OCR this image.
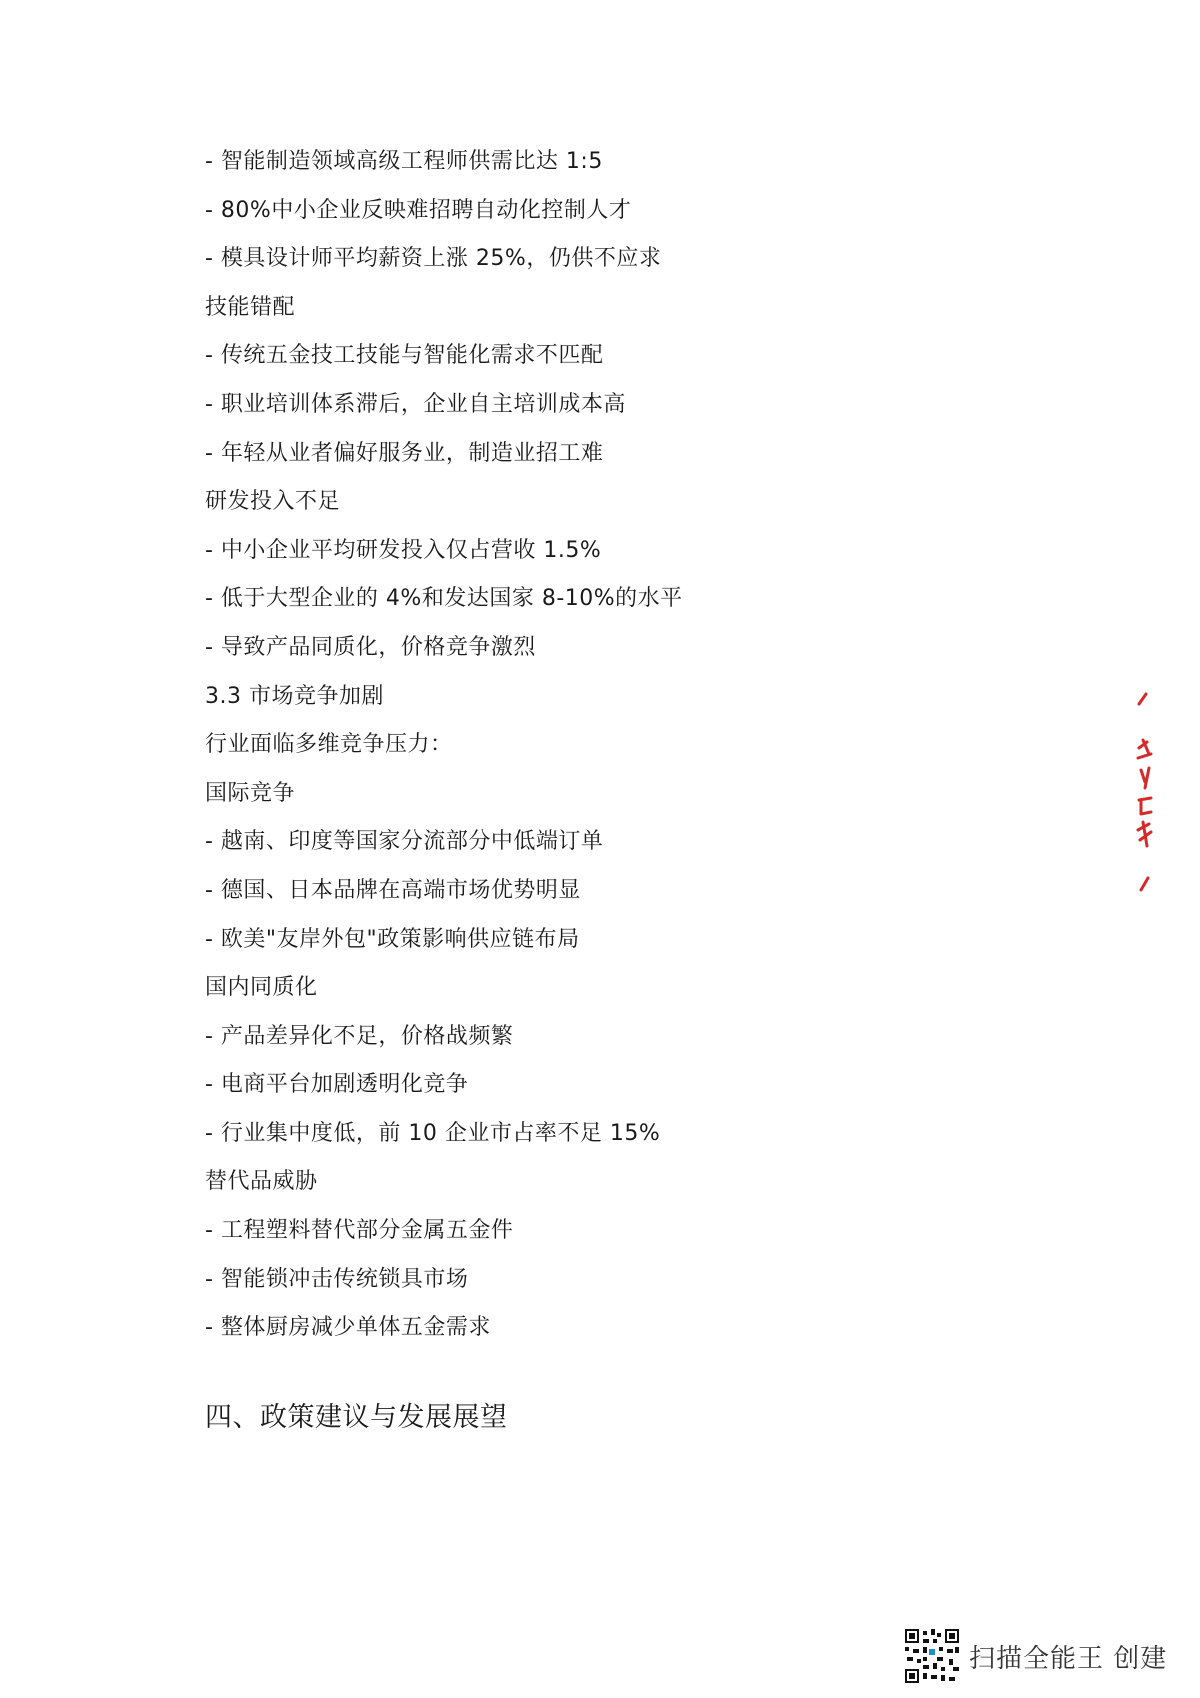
- 智能制造领域高级工程师供需比达 1:5
- 80%中小企业反映难招聘自动化控制人才
- 模具设计师平均薪资上涨 25%，仍供不应求
技能错配
- 传统五金技工技能与智能化需求不匹配
- 职业培训体系滞后，企业自主培训成本高
- 年轻从业者偏好服务业，制造业招工难
研发投入不足
- 中小企业平均研发投入仅占营收 1.5%
- 低于大型企业的 4%和发达国家 8-10%的水平
- 导致产品同质化，价格竞争激烈
3.3 市场竞争加剧
行业面临多维竞争压力：
国际竞争
- 越南、印度等国家分流部分中低端订单
- 德国、日本品牌在高端市场优势明显
- 欧美"友岸外包"政策影响供应链布局
国内同质化
- 产品差异化不足，价格战频繁
- 电商平台加剧透明化竞争
- 行业集中度低，前 10 企业市占率不足 15%
替代品威胁
- 工程塑料替代部分金属五金件
- 智能锁冲击传统锁具市场
- 整体厨房减少单体五金需求
四、政策建议与发展展望
扫描全能王 创建
